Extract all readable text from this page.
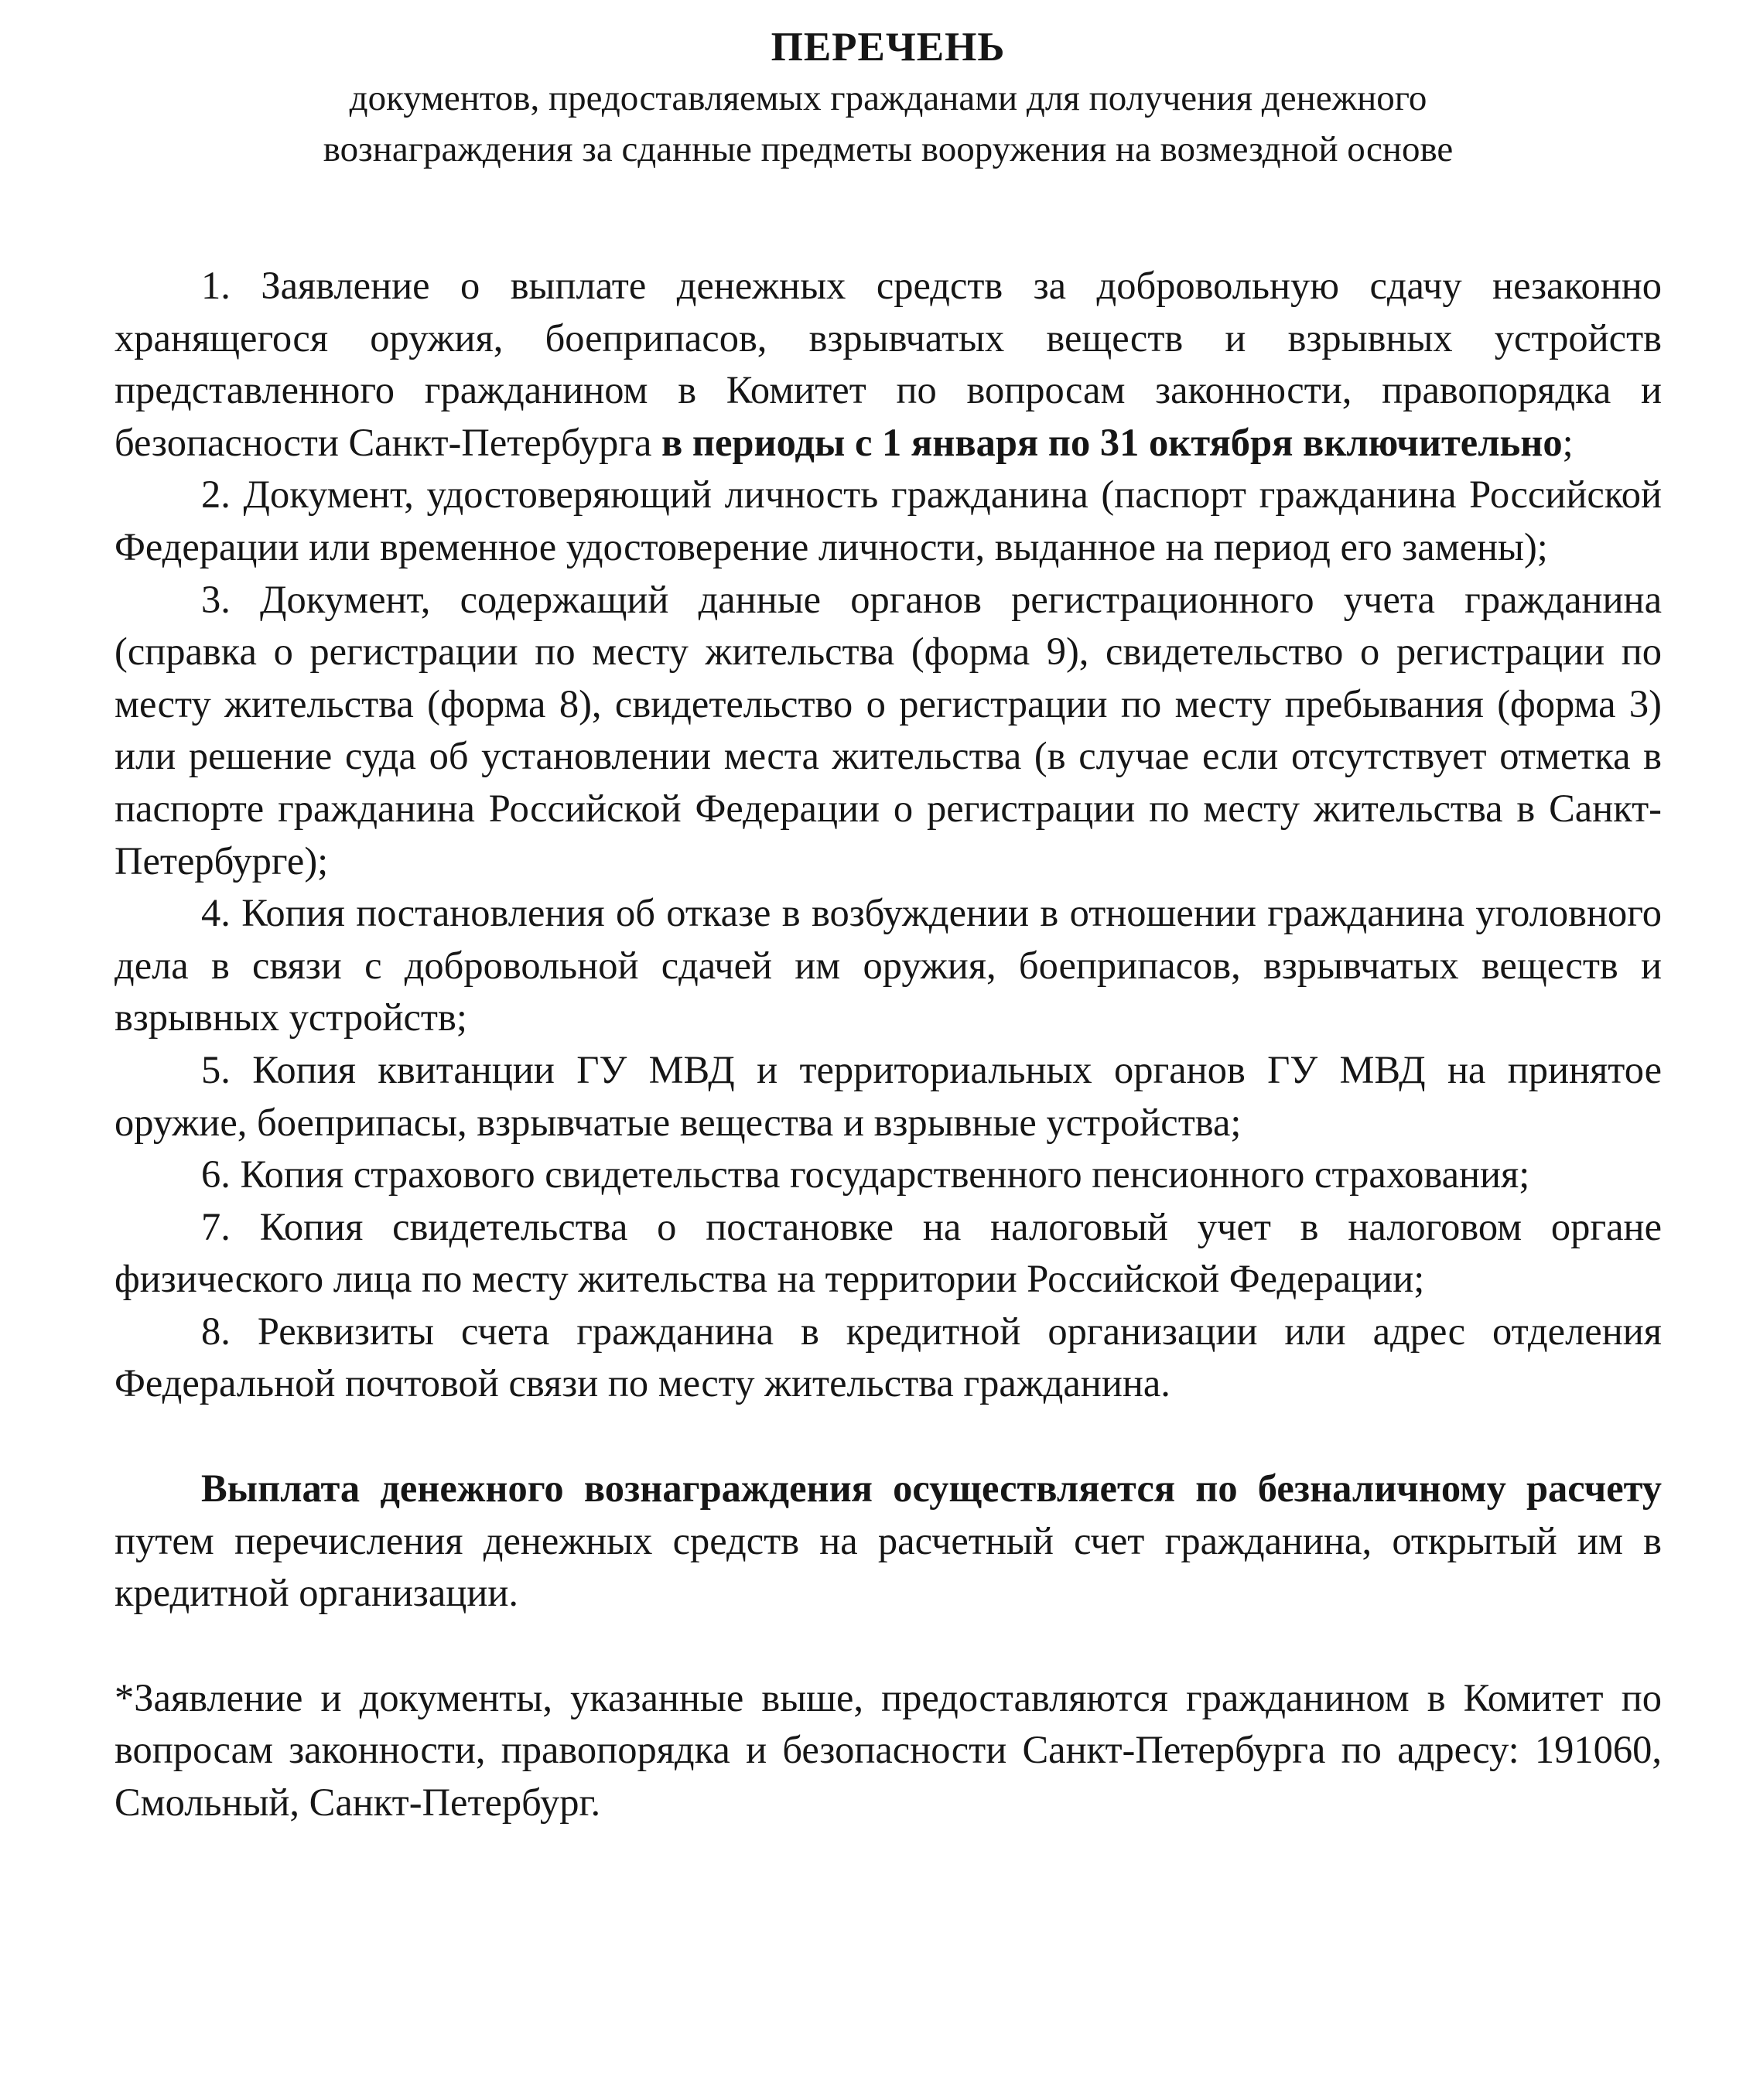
ПЕРЕЧЕНЬ

документов, предоставляемых гражданами для получения денежного

вознаграждения за сданные предметы вооружения на возмездной основе

1. Заявление о выплате денежных средств за добровольную сдачу незаконно хранящегося оружия, боеприпасов, взрывчатых веществ и взрывных устройств представленного гражданином в Комитет по вопросам законности, правопорядка и безопасности Санкт-Петербурга в периоды с 1 января по 31 октября включительно;

2. Документ, удостоверяющий личность гражданина (паспорт гражданина Российской Федерации или временное удостоверение личности, выданное на период его замены);

3. Документ, содержащий данные органов регистрационного учета гражданина (справка о регистрации по месту жительства (форма 9), свидетельство о регистрации по месту жительства (форма 8), свидетельство о регистрации по месту пребывания (форма 3) или решение суда об установлении места жительства (в случае если отсутствует отметка в паспорте гражданина Российской Федерации о регистрации по месту жительства в Санкт-Петербурге);

4. Копия постановления об отказе в возбуждении в отношении гражданина уголовного дела в связи с добровольной сдачей им оружия, боеприпасов, взрывчатых веществ и взрывных устройств;

5. Копия квитанции ГУ МВД и территориальных органов ГУ МВД на принятое оружие, боеприпасы, взрывчатые вещества и взрывные устройства;

6. Копия страхового свидетельства государственного пенсионного страхования;

7. Копия свидетельства о постановке на налоговый учет в налоговом органе физического лица по месту жительства на территории Российской Федерации;

8. Реквизиты счета гражданина в кредитной организации или адрес отделения Федеральной почтовой связи по месту жительства гражданина.

Выплата денежного вознаграждения осуществляется по безналичному расчету путем перечисления денежных средств на расчетный счет гражданина, открытый им в кредитной организации.

*Заявление и документы, указанные выше, предоставляются гражданином в Комитет по вопросам законности, правопорядка и безопасности Санкт-Петербурга по адресу: 191060, Смольный, Санкт-Петербург.
